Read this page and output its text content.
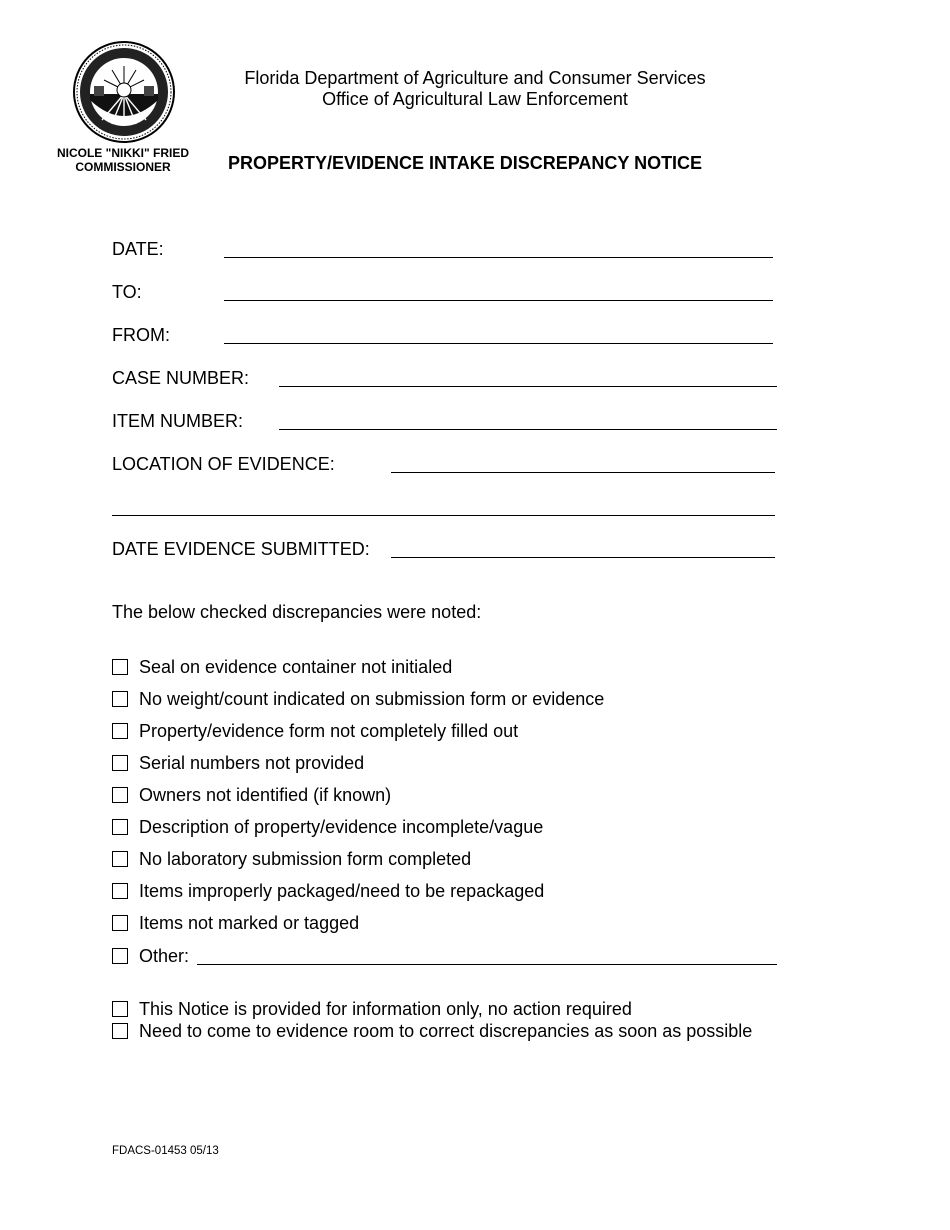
NICOLE "NIKKI" FRIED
COMMISSIONER
Florida Department of Agriculture and Consumer Services
Office of Agricultural Law Enforcement
PROPERTY/EVIDENCE INTAKE DISCREPANCY NOTICE
DATE:
TO:
FROM:
CASE NUMBER:
ITEM NUMBER:
LOCATION OF EVIDENCE:
DATE EVIDENCE SUBMITTED:
The below checked discrepancies were noted:
Seal on evidence container not initialed
No weight/count indicated on submission form or evidence
Property/evidence form not completely filled out
Serial numbers not provided
Owners not identified (if known)
Description of property/evidence incomplete/vague
No laboratory submission form completed
Items improperly packaged/need to be repackaged
Items not marked or tagged
Other:
This Notice is provided for information only, no action required
Need to come to evidence room to correct discrepancies as soon as possible
FDACS-01453 05/13
